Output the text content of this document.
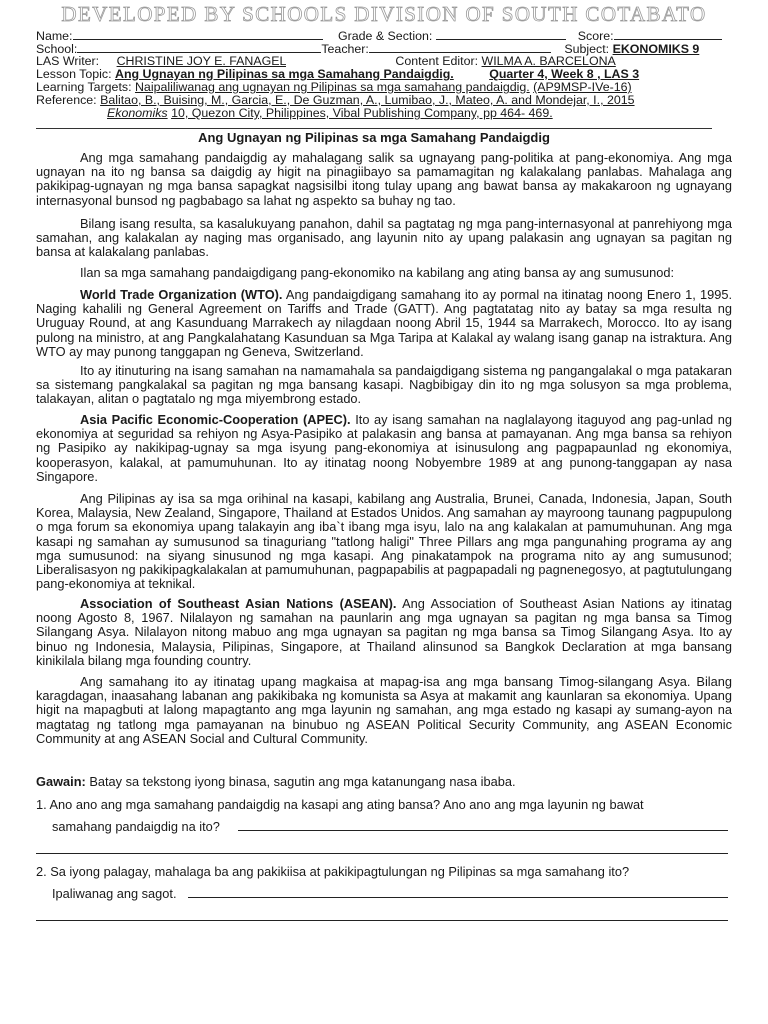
DEVELOPED BY SCHOOLS DIVISION OF SOUTH COTABATO
Name:	Grade & Section:	Score:
School:	Teacher:	Subject: EKONOMIKS 9
LAS Writer: CHRISTINE JOY E. FANAGEL	Content Editor: WILMA A. BARCELONA
Lesson Topic: Ang Ugnayan ng Pilipinas sa mga Samahang Pandaigdig.	Quarter 4, Week 8 , LAS 3
Learning Targets: Naipaliliwanag ang ugnayan ng Pilipinas sa mga samahang pandaigdig. (AP9MSP-IVe-16)
Reference: Balitao, B., Buising, M., Garcia, E., De Guzman, A., Lumibao, J., Mateo, A. and Mondejar, I., 2015
Ekonomiks 10, Quezon City, Philippines, Vibal Publishing Company, pp 464- 469.
Ang Ugnayan ng Pilipinas sa mga Samahang Pandaigdig

Ang mga samahang pandaigdig ay mahalagang salik sa ugnayang pang-politika at pang-ekonomiya. Ang mga ugnayan na ito ng bansa sa daigdig ay higit na pinagiibayo sa pamamagitan ng kalakalang panlabas. Mahalaga ang pakikipag-ugnayan ng mga bansa sapagkat nagsisilbi itong tulay upang ang bawat bansa ay makakaroon ng ugnayang internasyonal bunsod ng pagbabago sa lahat ng aspekto sa buhay ng tao.

Bilang isang resulta, sa kasalukuyang panahon, dahil sa pagtatag ng mga pang-internasyonal at panrehiyong mga samahan, ang kalakalan ay naging mas organisado, ang layunin nito ay upang palakasin ang ugnayan sa pagitan ng bansa at kalakalang panlabas.

Ilan sa mga samahang pandaigdigang pang-ekonomiko na kabilang ang ating bansa ay ang sumusunod:

World Trade Organization (WTO). Ang pandaigdigang samahang ito ay pormal na itinatag noong Enero 1, 1995. Naging kahalili ng General Agreement on Tariffs and Trade (GATT). Ang pagtatatag nito ay batay sa mga resulta ng Uruguay Round, at ang Kasunduang Marrakech ay nilagdaan noong Abril 15, 1944 sa Marrakech, Morocco. Ito ay isang pulong na ministro, at ang Pangkalahatang Kasunduan sa Mga Taripa at Kalakal ay walang isang ganap na istraktura. Ang WTO ay may punong tanggapan ng Geneva, Switzerland.

Ito ay itinuturing na isang samahan na namamahala sa pandaigdigang sistema ng pangangalakal o mga patakaran sa sistemang pangkalakal sa pagitan ng mga bansang kasapi. Nagbibigay din ito ng mga solusyon sa mga problema, talakayan, alitan o pagtatalo ng mga miyembrong estado.

Asia Pacific Economic-Cooperation (APEC). Ito ay isang samahan na naglalayong itaguyod ang pag-unlad ng ekonomiya at seguridad sa rehiyon ng Asya-Pasipiko at palakasin ang bansa at pamayanan. Ang mga bansa sa rehiyon ng Pasipiko ay nakikipag-ugnay sa mga isyung pang-ekonomiya at isinusulong ang pagpapaunlad ng ekonomiya, kooperasyon, kalakal, at pamumuhunan. Ito ay itinatag noong Nobyembre 1989 at ang punong-tanggapan ay nasa Singapore.

Ang Pilipinas ay isa sa mga orihinal na kasapi, kabilang ang Australia, Brunei, Canada, Indonesia, Japan, South Korea, Malaysia, New Zealand, Singapore, Thailand at Estados Unidos. Ang samahan ay mayroong taunang pagpupulong o mga forum sa ekonomiya upang talakayin ang iba`t ibang mga isyu, lalo na ang kalakalan at pamumuhunan. Ang mga kasapi ng samahan ay sumusunod sa tinaguriang "tatlong haligi" Three Pillars ang mga pangunahing programa ay ang mga sumusunod: na siyang sinusunod ng mga kasapi. Ang pinakatampok na programa nito ay ang sumusunod; Liberalisasyon ng pakikipagkalakalan at pamumuhunan, pagpapabilis at pagpapadali ng pagnenegosyo, at pagtutulungang pang-ekonomiya at teknikal.

Association of Southeast Asian Nations (ASEAN). Ang Association of Southeast Asian Nations ay itinatag noong Agosto 8, 1967. Nilalayon ng samahan na paunlarin ang mga ugnayan sa pagitan ng mga bansa sa Timog Silangang Asya. Nilalayon nitong mabuo ang mga ugnayan sa pagitan ng mga bansa sa Timog Silangang Asya. Ito ay binuo ng Indonesia, Malaysia, Pilipinas, Singapore, at Thailand alinsunod sa Bangkok Declaration at mga bansang kinikilala bilang mga founding country.

Ang samahang ito ay itinatag upang magkaisa at mapag-isa ang mga bansang Timog-silangang Asya. Bilang karagdagan, inaasahang labanan ang pakikibaka ng komunista sa Asya at makamit ang kaunlaran sa ekonomiya. Upang higit na mapagbuti at lalong mapagtanto ang mga layunin ng samahan, ang mga estado ng kasapi ay sumang-ayon na magtatag ng tatlong mga pamayanan na binubuo ng ASEAN Political Security Community, ang ASEAN Economic Community at ang ASEAN Social and Cultural Community.

Gawain: Batay sa tekstong iyong binasa, sagutin ang mga katanungang nasa ibaba.
1. Ano ano ang mga samahang pandaigdig na kasapi ang ating bansa? Ano ano ang mga layunin ng bawat
samahang pandaigdig na ito?
2. Sa iyong palagay, mahalaga ba ang pakikiisa at pakikipagtulungan ng Pilipinas sa mga samahang ito?
Ipaliwanag ang sagot.
